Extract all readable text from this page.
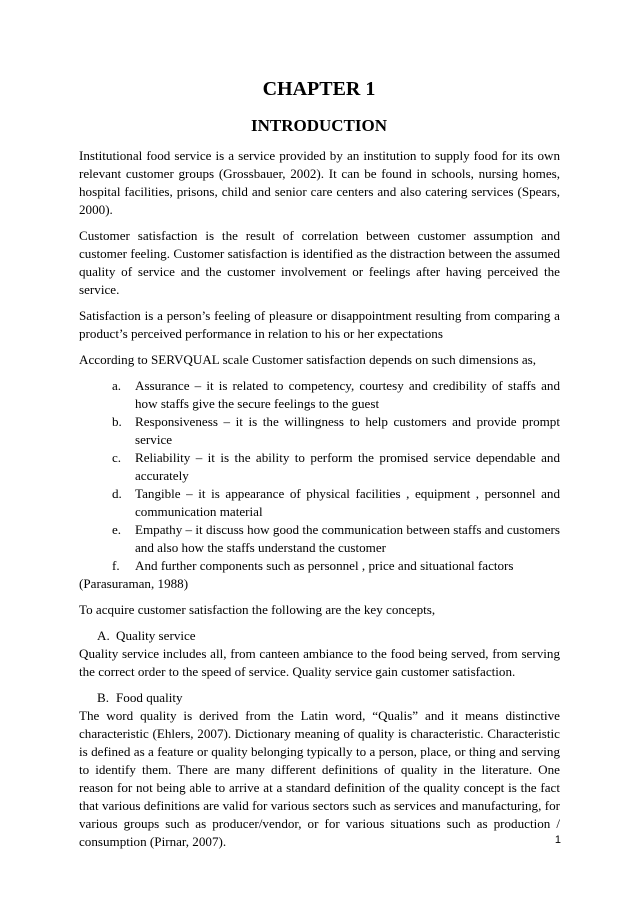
CHAPTER 1
INTRODUCTION

Institutional food service is a service provided by an institution to supply food for its own relevant customer groups (Grossbauer, 2002). It can be found in schools, nursing homes, hospital facilities, prisons, child and senior care centers and also catering services (Spears, 2000).

Customer satisfaction is the result of correlation between customer assumption and customer feeling. Customer satisfaction is identified as the distraction between the assumed quality of service and the customer involvement or feelings after having perceived the service.

Satisfaction is a person’s feeling of pleasure or disappointment resulting from comparing a product’s perceived performance in relation to his or her expectations

According to SERVQUAL scale Customer satisfaction depends on such dimensions as,

a. Assurance – it is related to competency, courtesy and credibility of staffs and how staffs give the secure feelings to the guest
b. Responsiveness – it is the willingness to help customers and provide prompt service
c. Reliability – it is the ability to perform the promised service dependable and accurately
d. Tangible – it is appearance of physical facilities , equipment , personnel and communication material
e. Empathy – it discuss how good the communication between staffs and customers and also how the staffs understand the customer
f. And further components such as personnel , price and situational factors
(Parasuraman, 1988)

To acquire customer satisfaction the following are the key concepts,

A. Quality service

Quality service includes all, from canteen ambiance to the food being served, from serving the correct order to the speed of service. Quality service gain customer satisfaction.

B. Food quality

The word quality is derived from the Latin word, “Qualis” and it means distinctive characteristic (Ehlers, 2007). Dictionary meaning of quality is characteristic. Characteristic is defined as a feature or quality belonging typically to a person, place, or thing and serving to identify them. There are many different definitions of quality in the literature. One reason for not being able to arrive at a standard definition of the quality concept is the fact that various definitions are valid for various sectors such as services and manufacturing, for various groups such as producer/vendor, or for various situations such as production / consumption (Pirnar, 2007).	1
